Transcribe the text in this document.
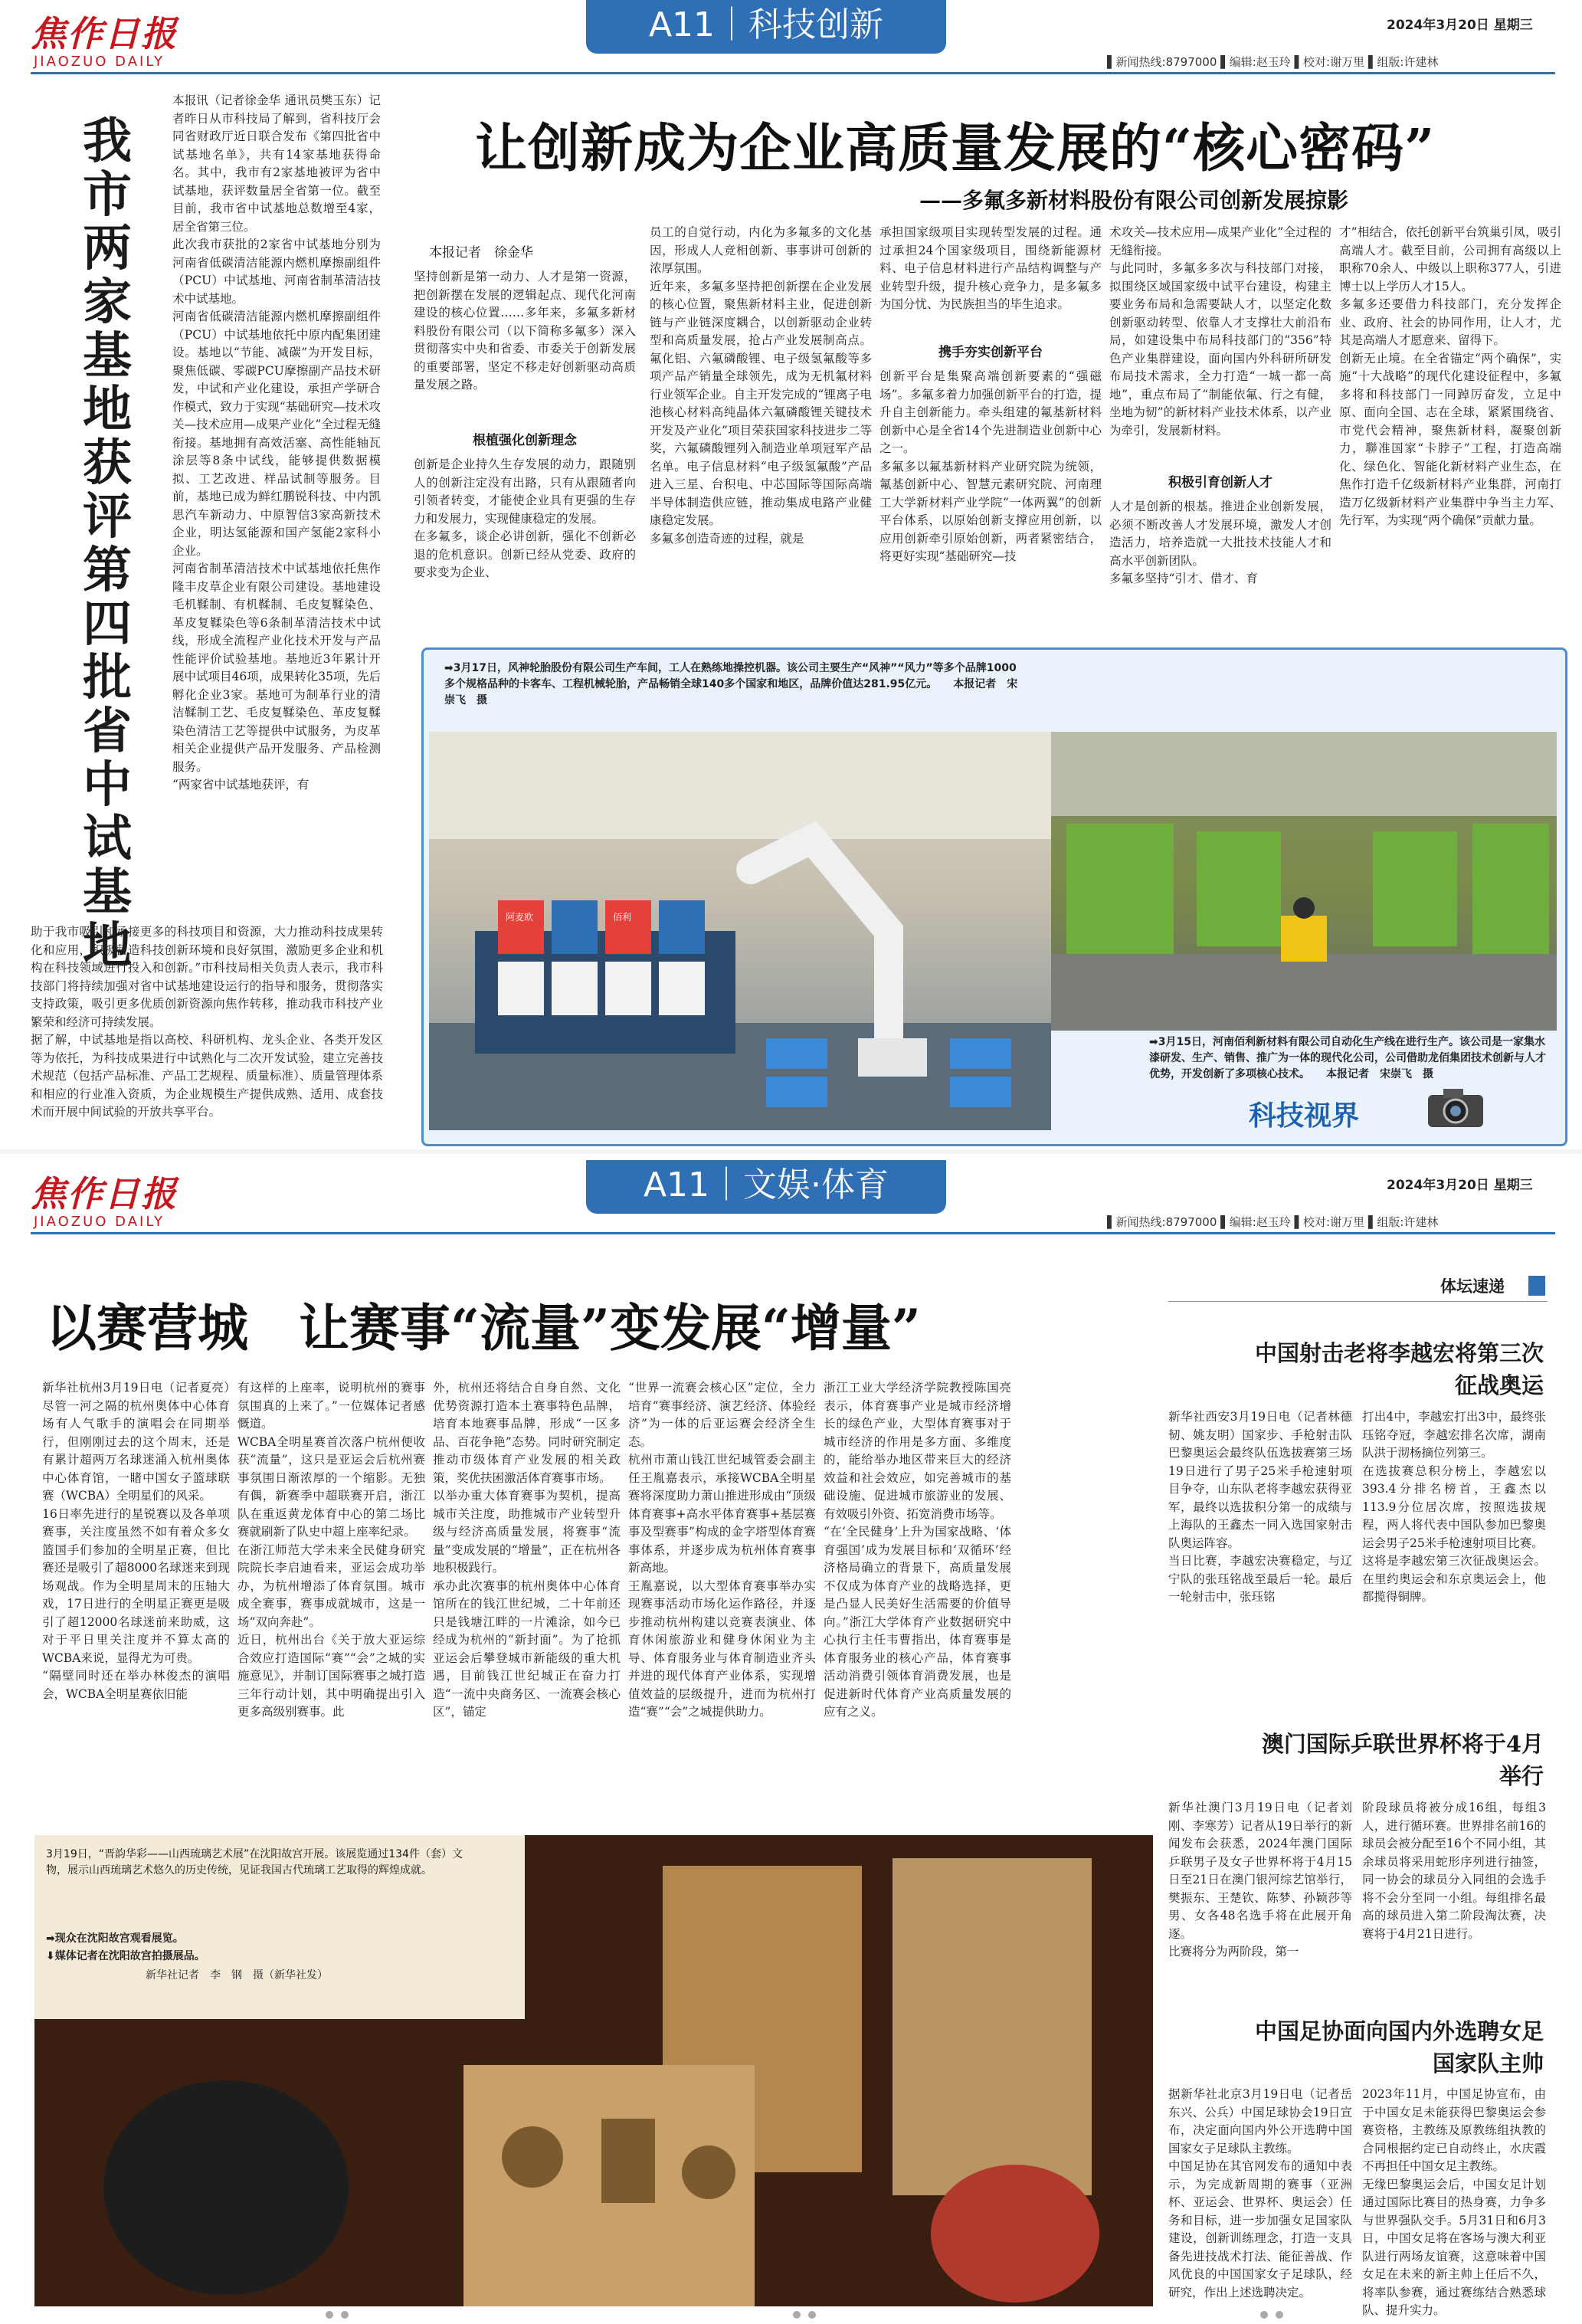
焦作日报
JIAOZUO DAILY
A11｜科技创新	2024年3月20日 星期三
▌新闻热线:8797000 ▌编辑:赵玉玲 ▌校对:谢万里 ▌组版:许建林
我市两家基地获评第四批省中试基地
本报讯（记者徐金华 通讯员樊玉东）记者昨日从市科技局了解到，省科技厅会同省财政厅近日联合发布《第四批省中试基地名单》，共有14家基地获得命名。其中，我市有2家基地被评为省中试基地，获评数量居全省第一位。截至目前，我市省中试基地总数增至4家，居全省第三位。
此次我市获批的2家省中试基地分别为河南省低碳清洁能源内燃机摩擦副组件（PCU）中试基地、河南省制革清洁技术中试基地。
河南省低碳清洁能源内燃机摩擦副组件（PCU）中试基地依托中原内配集团建设。基地以“节能、减碳”为开发目标，聚焦低碳、零碳PCU摩擦副产品技术研发，中试和产业化建设，承担产学研合作模式，致力于实现“基础研究—技术攻关—技术应用—成果产业化”全过程无缝衔接。基地拥有高效活塞、高性能轴瓦涂层等8条中试线，能够提供数据模拟、工艺改进、样品试制等服务。目前，基地已成为鲜红鹏锐科技、中内凯思汽车新动力、中原智信3家高新技术企业，明达氢能源和国产氢能2家科小企业。
河南省制革清洁技术中试基地依托焦作隆丰皮草企业有限公司建设。基地建设毛机鞣制、有机鞣制、毛皮复鞣染色、革皮复鞣染色等6条制革清洁技术中试线，形成全流程产业化技术开发与产品性能评价试验基地。基地近3年累计开展中试项目46项，成果转化35项，先后孵化企业3家。基地可为制革行业的清洁鞣制工艺、毛皮复鞣染色、革皮复鞣染色清洁工艺等提供中试服务，为皮革相关企业提供产品开发服务、产品检测服务。
“两家省中试基地获评，有
助于我市吸引和承接更多的科技项目和资源，大力推动科技成果转化和应用，积极营造科技创新环境和良好氛围，激励更多企业和机构在科技领域进行投入和创新。”市科技局相关负责人表示，我市科技部门将持续加强对省中试基地建设运行的指导和服务，贯彻落实支持政策，吸引更多优质创新资源向焦作转移，推动我市科技产业繁荣和经济可持续发展。
据了解，中试基地是指以高校、科研机构、龙头企业、各类开发区等为依托，为科技成果进行中试熟化与二次开发试验，建立完善技术规范（包括产品标准、产品工艺规程、质量标准）、质量管理体系和相应的行业准入资质，为企业规模生产提供成熟、适用、成套技术而开展中间试验的开放共享平台。
让创新成为企业高质量发展的“核心密码”
——多氟多新材料股份有限公司创新发展掠影
本报记者　徐金华
坚持创新是第一动力、人才是第一资源，把创新摆在发展的逻辑起点、现代化河南建设的核心位置……多年来，多氟多新材料股份有限公司（以下简称多氟多）深入贯彻落实中央和省委、市委关于创新发展的重要部署，坚定不移走好创新驱动高质量发展之路。
根植强化创新理念
创新是企业持久生存发展的动力，跟随别人的创新注定没有出路，只有从跟随者向引领者转变，才能使企业具有更强的生存力和发展力，实现健康稳定的发展。
在多氟多，谈企必讲创新，强化不创新必退的危机意识。创新已经从党委、政府的要求变为企业、
员工的自觉行动，内化为多氟多的文化基因，形成人人竞相创新、事事讲可创新的浓厚氛围。
近年来，多氟多坚持把创新摆在企业发展的核心位置，聚焦新材料主业，促进创新链与产业链深度耦合，以创新驱动企业转型和高质量发展，抢占产业发展制高点。氟化铝、六氟磷酸锂、电子级氢氟酸等多项产品产销量全球领先，成为无机氟材料行业领军企业。自主开发完成的“锂离子电池核心材料高纯晶体六氟磷酸锂关键技术开发及产业化”项目荣获国家科技进步二等奖，六氟磷酸锂列入制造业单项冠军产品名单。电子信息材料“电子级氢氟酸”产品进入三星、台积电、中芯国际等国际高端半导体制造供应链，推动集成电路产业健康稳定发展。
多氟多创造奇迹的过程，就是
承担国家级项目实现转型发展的过程。通过承担24个国家级项目，围绕新能源材料、电子信息材料进行产品结构调整与产业转型升级，提升核心竞争力，是多氟多为国分忧、为民族担当的毕生追求。
携手夯实创新平台
创新平台是集聚高端创新要素的“强磁场”。多氟多着力加强创新平台的打造，提升自主创新能力。牵头组建的氟基新材料创新中心是全省14个先进制造业创新中心之一。
多氟多以氟基新材料产业研究院为统领，氟基创新中心、智慧元素研究院、河南理工大学新材料产业学院“一体两翼”的创新平台体系，以原始创新支撑应用创新，以应用创新牵引原始创新，两者紧密结合，将更好实现“基础研究—技
术攻关—技术应用—成果产业化”全过程的无缝衔接。
与此同时，多氟多多次与科技部门对接，拟围绕区域国家级中试平台建设，构建主要业务布局和急需要缺人才，以坚定化数创新驱动转型、依靠人才支撑壮大前沿布局，如建设集中布局科技部门的“356”特色产业集群建设，面向国内外科研所研发布局技术需求，全力打造“一城一都一高地”，重点布局了“制能依氟、行之有健，坐地为韧”的新材料产业技术体系，以产业为牵引，发展新材料。
积极引育创新人才
人才是创新的根基。推进企业创新发展，必须不断改善人才发展环境，激发人才创造活力，培养造就一大批技术技能人才和高水平创新团队。
多氟多坚持“引才、借才、育
才”相结合，依托创新平台筑巢引凤，吸引高端人才。截至目前，公司拥有高级以上职称70余人、中级以上职称377人，引进博士以上学历人才15人。
多氟多还要借力科技部门，充分发挥企业、政府、社会的协同作用，让人才，尤其是高端人才愿意来、留得下。
创新无止境。在全省锚定“两个确保”，实施“十大战略”的现代化建设征程中，多氟多将和科技部门一同踔厉奋发，立足中原、面向全国、志在全球，紧紧围绕省、市党代会精神，聚焦新材料，凝聚创新力，聯准国家“卡脖子”工程，打造高端化、绿色化、智能化新材料产业生态，在焦作打造千亿级新材料产业集群，河南打造万亿级新材料产业集群中争当主力军、先行军，为实现“两个确保”贡献力量。
阿麦欧	佰利
➡3月17日，风神轮胎股份有限公司生产车间，工人在熟练地操控机器。该公司主要生产“风神”“风力”等多个品牌1000多个规格品种的卡客车、工程机械轮胎，产品畅销全球140多个国家和地区，品牌价值达281.95亿元。　　本报记者　宋崇飞　摄
➡3月15日，河南佰利新材料有限公司自动化生产线在进行生产。该公司是一家集水漆研发、生产、销售、推广为一体的现代化公司，公司借助龙佰集团技术创新与人才优势，开发创新了多项核心技术。　　本报记者　宋崇飞　摄
科技视界
焦作日报
JIAOZUO DAILY
A11｜文娱·体育	2024年3月20日 星期三
▌新闻热线:8797000 ▌编辑:赵玉玲 ▌校对:谢万里 ▌组版:许建林
以赛营城　让赛事“流量”变发展“增量”
新华社杭州3月19日电（记者夏亮）尽管一河之隔的杭州奥体中心体育场有人气歌手的演唱会在同期举行，但刚刚过去的这个周末，还是有累计超两万名球迷涌入杭州奥体中心体育馆，一睹中国女子篮球联赛（WCBA）全明星们的风采。
16日率先进行的星锐赛以及各单项赛事，关注度虽然不如有着众多女篮国手们参加的全明星正赛，但比赛还是吸引了超8000名球迷来到现场观战。作为全明星周末的压轴大戏，17日进行的全明星正赛更是吸引了超12000名球迷前来助威，这对于平日里关注度并不算太高的WCBA来说，显得尤为可贵。
“隔壁同时还在举办林俊杰的演唱会，WCBA全明星赛依旧能
有这样的上座率，说明杭州的赛事氛围真的上来了。”一位媒体记者感慨道。
WCBA全明星赛首次落户杭州便收获“流量”，这只是亚运会后杭州赛事氛围日渐浓厚的一个缩影。无独有偶，新赛季中超联赛开启，浙江队在重返黄龙体育中心的第二场比赛就刷新了队史中超上座率纪录。
在浙江师范大学未来全民健身研究院院长李启迪看来，亚运会成功举办，为杭州增添了体育氛围。城市成全赛事，赛事成就城市，这是一场“双向奔赴”。
近日，杭州出台《关于放大亚运综合效应打造国际“赛”“会”之城的实施意见》，并制订国际赛事之城打造三年行动计划，其中明确提出引入更多高级别赛事。此
外，杭州还将结合自身自然、文化优势资源打造本土赛事特色品牌，培育本地赛事品牌，形成“一区多品、百花争艳”态势。同时研究制定推动市级体育产业发展的相关政策，奖优扶困激活体育赛事市场。
以举办重大体育赛事为契机，提高城市关注度，助推城市产业转型升级与经济高质量发展，将赛事“流量”变成发展的“增量”，正在杭州各地积极践行。
承办此次赛事的杭州奥体中心体育馆所在的钱江世纪城，二十年前还只是钱塘江畔的一片滩涂，如今已经成为杭州的“新封面”。为了抢抓亚运会后攀登城市新能级的重大机遇，目前钱江世纪城正在奋力打造“一流中央商务区、一流赛会核心区”，锚定
“世界一流赛会核心区”定位，全力培育“赛事经济、演艺经济、体验经济”为一体的后亚运赛会经济全生态。
杭州市萧山钱江世纪城管委会副主任王胤嘉表示，承接WCBA全明星赛将深度助力萧山推进形成由“顶级体育赛事+高水平体育赛事+基层赛事及型赛事”构成的金字塔型体育赛事体系，并逐步成为杭州体育赛事新高地。
王胤嘉说，以大型体育赛事举办实现赛事活动市场化运作路径，并逐步推动杭州构建以竞赛表演业、体育休闲旅游业和健身休闲业为主导、体育服务业与体育制造业齐头并进的现代体育产业体系，实现增值效益的层级提升，进而为杭州打造“赛”“会”之城提供助力。
浙江工业大学经济学院教授陈国亮表示，体育赛事产业是城市经济增长的绿色产业，大型体育赛事对于城市经济的作用是多方面、多维度的，能给举办地区带来巨大的经济效益和社会效应，如完善城市的基础设施、促进城市旅游业的发展、有效吸引外资、拓宽消费市场等。
“在‘全民健身’上升为国家战略、‘体育强国’成为发展目标和‘双循环’经济格局确立的背景下，高质量发展不仅成为体育产业的战略选择，更是凸显人民美好生活需要的价值导向。”浙江大学体育产业数据研究中心执行主任韦曹指出，体育赛事是体育服务业的核心产品，体育赛事活动消费引领体育消费发展，也是促进新时代体育产业高质量发展的应有之义。
体坛速递
中国射击老将李越宏将第三次征战奥运
新华社西安3月19日电（记者林德韧、姚友明）国家步、手枪射击队巴黎奥运会最终队伍选拔赛第三场19日进行了男子25米手枪速射项目争夺，山东队老将李越宏获得亚军，最终以选拔积分第一的成绩与上海队的王鑫杰一同入选国家射击队奥运阵容。
当日比赛，李越宏决赛稳定，与辽宁队的张珏铭战至最后一轮。最后一轮射击中，张珏铭
打出4中，李越宏打出3中，最终张珏铭夺冠，李越宏排名次席，湖南队洪于沏杨摘位列第三。
在选拔赛总积分榜上，李越宏以393.4分排名榜首，王鑫杰以113.9分位居次席，按照选拔规程，两人将代表中国队参加巴黎奥运会男子25米手枪速射项目比赛。
这将是李越宏第三次征战奥运会。在里约奥运会和东京奥运会上，他都揽得铜牌。
澳门国际乒联世界杯将于4月举行
新华社澳门3月19日电（记者刘刚、李寒芳）记者从19日举行的新闻发布会获悉，2024年澳门国际乒联男子及女子世界杯将于4月15日至21日在澳门银河综艺馆举行，樊振东、王楚钦、陈梦、孙颖莎等男、女各48名选手将在此展开角逐。
比赛将分为两阶段，第一
阶段球员将被分成16组，每组3人，进行循环赛。世界排名前16的球员会被分配至16个不同小组，其余球员将采用蛇形序列进行抽签，同一协会的球员分入同组的会选手将不会分至同一小组。每组排名最高的球员进入第二阶段淘汰赛，决赛将于4月21日进行。
中国足协面向国内外选聘女足国家队主帅
据新华社北京3月19日电（记者岳东兴、公兵）中国足球协会19日宣布，决定面向国内外公开选聘中国国家女子足球队主教练。
中国足协在其官网发布的通知中表示，为完成新周期的赛事（亚洲杯、亚运会、世界杯、奥运会）任务和目标，进一步加强女足国家队建设，创新训练理念，打造一支具备先进技战术打法、能征善战、作风优良的中国国家女子足球队，经研究，作出上述选聘决定。
2023年11月，中国足协宣布，由于中国女足未能获得巴黎奥运会参赛资格，主教练及原教练组执教的合同根据约定已自动终止，水庆霞不再担任中国女足主教练。
无缘巴黎奥运会后，中国女足计划通过国际比赛目的热身赛，力争多与世界强队交手。5月31日和6月3日，中国女足将在客场与澳大利亚队进行两场友谊赛，这意味着中国女足在未来的新主帅上任后不久，将率队参赛，通过赛练结合熟悉球队、提升实力。
3月19日，“晋韵华彩——山西琉璃艺术展”在沈阳故宫开展。该展览通过134件（套）文物，展示山西琉璃艺术悠久的历史传统，见证我国古代琉璃工艺取得的辉煌成就。
➡现众在沈阳故宫观看展览。
⬇媒体记者在沈阳故宫拍摄展品。
新华社记者　李　钢　摄（新华社发）
